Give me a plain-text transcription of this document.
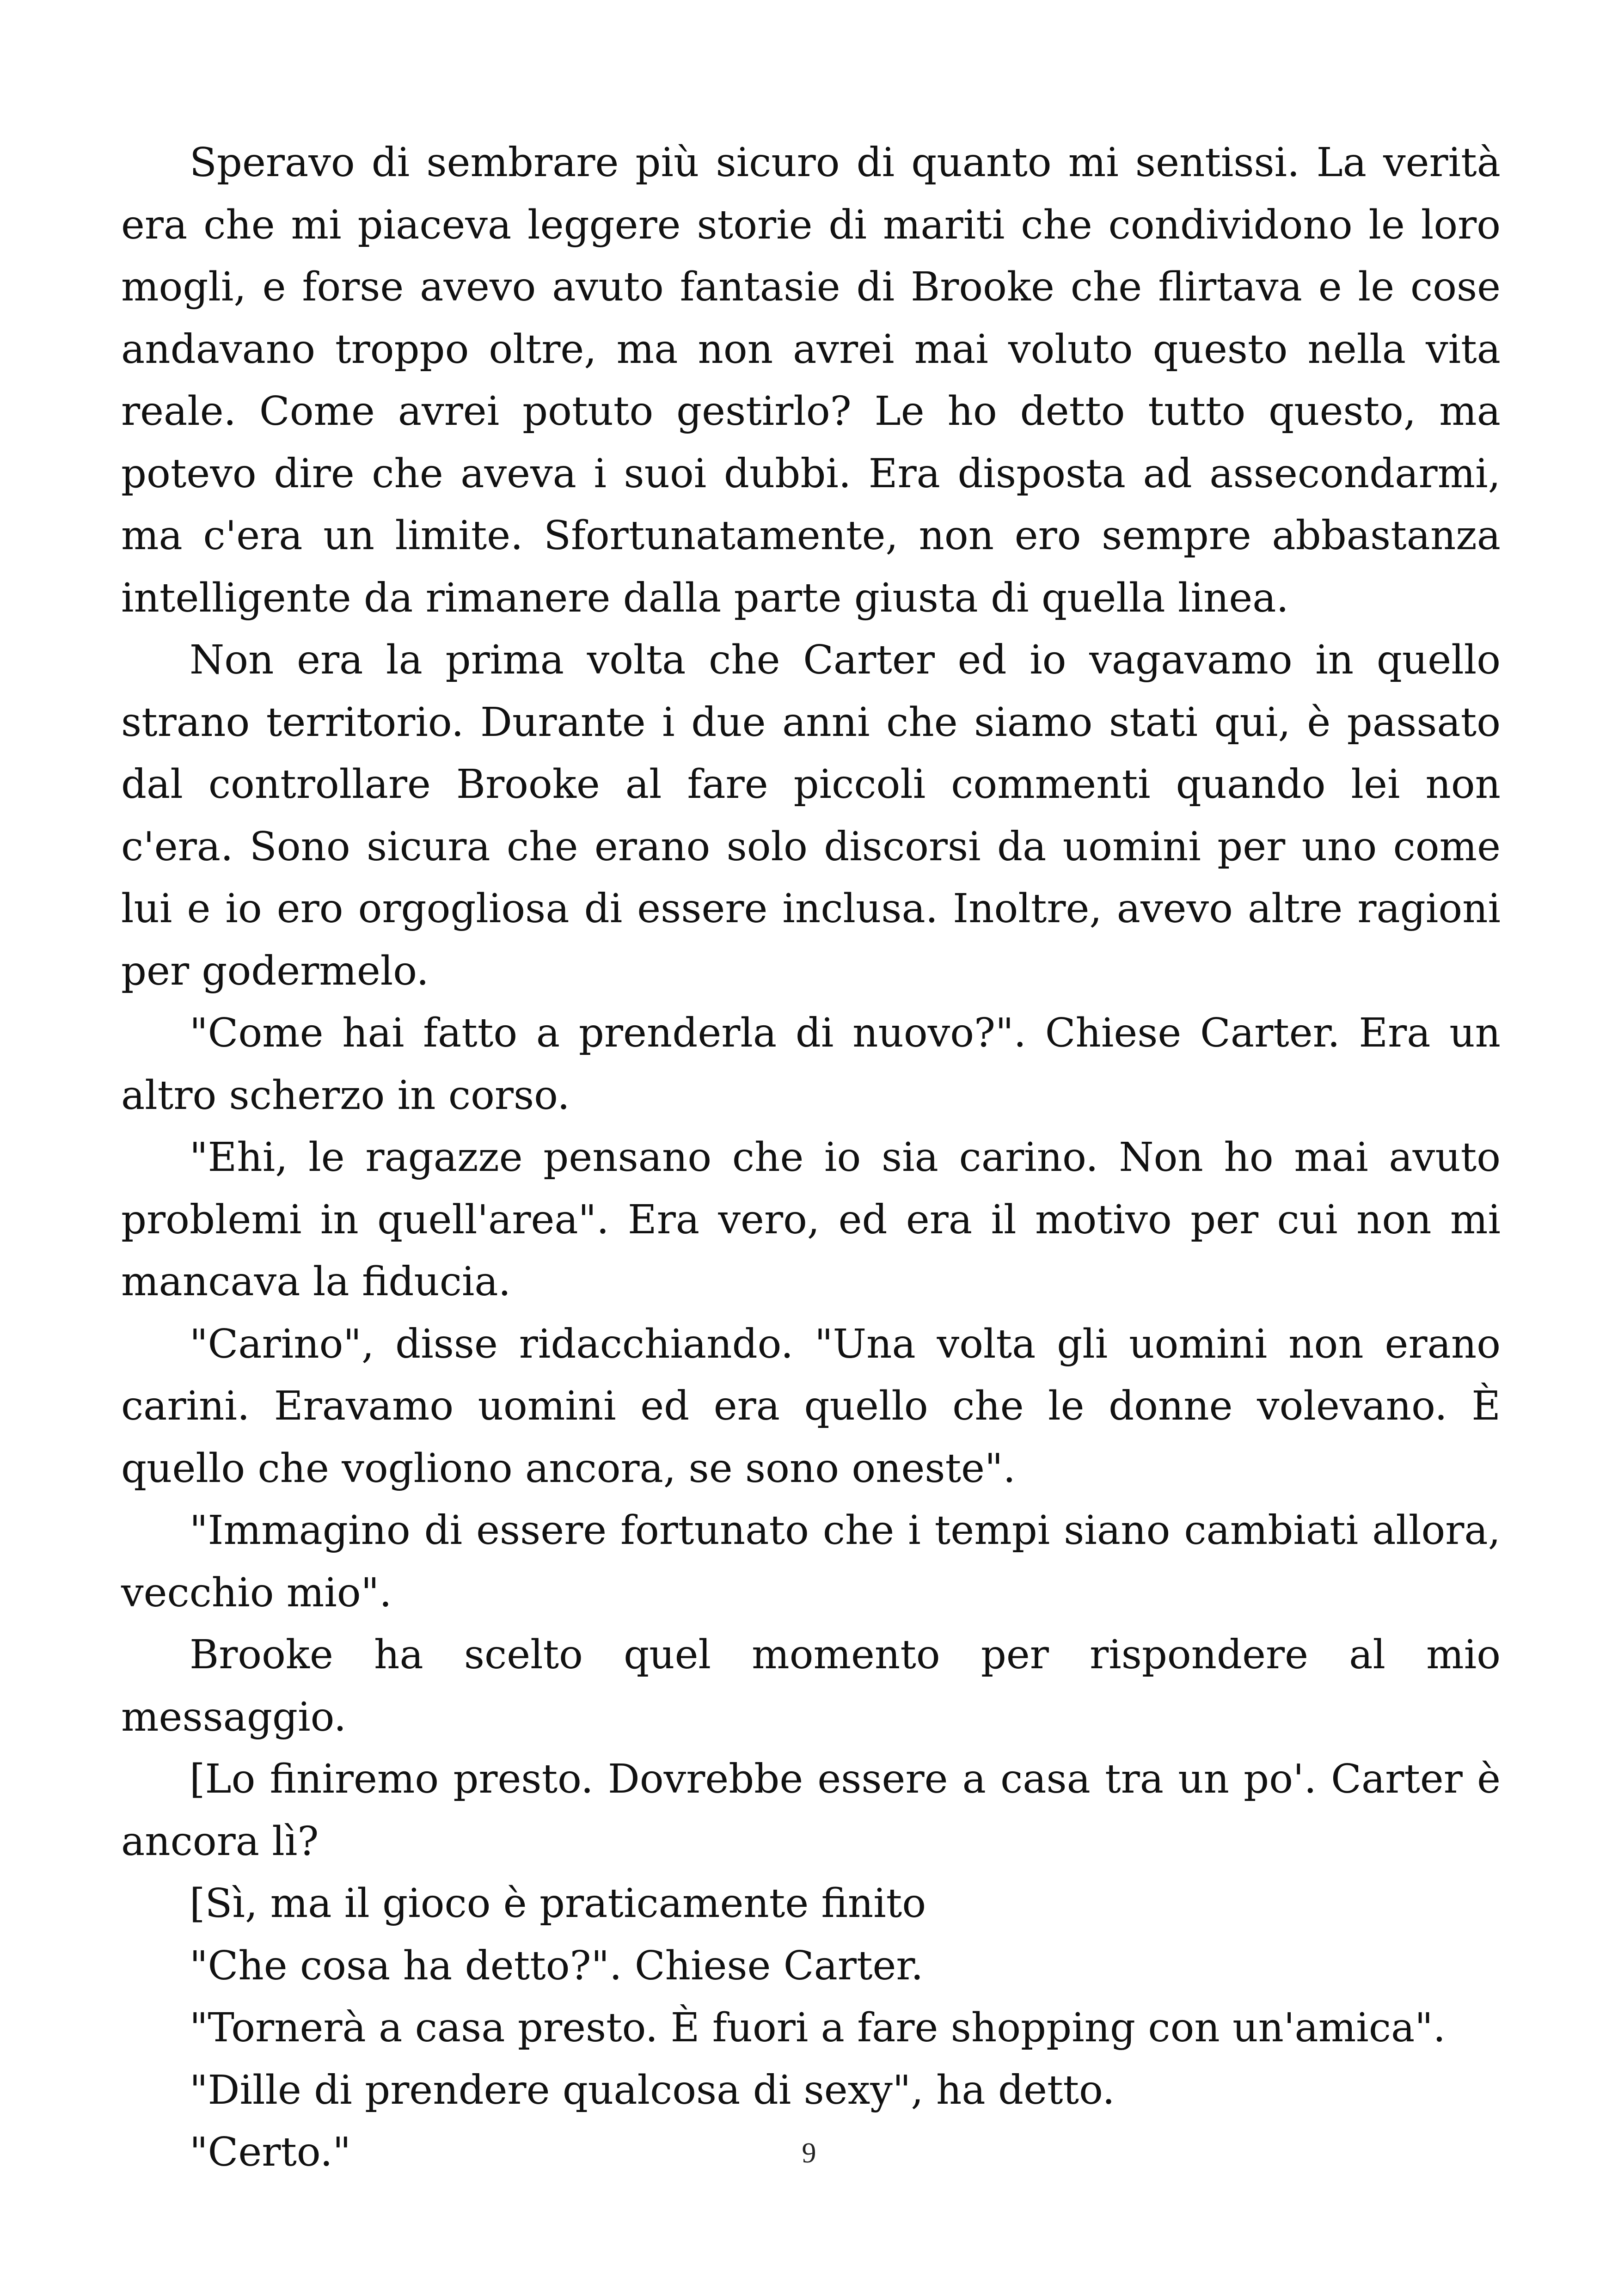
Speravo di sembrare più sicuro di quanto mi sentissi. La verità era che mi piaceva leggere storie di mariti che condividono le loro mogli, e forse avevo avuto fantasie di Brooke che flirtava e le cose andavano troppo oltre, ma non avrei mai voluto questo nella vita reale. Come avrei potuto gestirlo? Le ho detto tutto questo, ma potevo dire che aveva i suoi dubbi. Era disposta ad assecondarmi, ma c'era un limite. Sfortunatamente, non ero sempre abbastanza intelligente da rimanere dalla parte giusta di quella linea.

Non era la prima volta che Carter ed io vagavamo in quello strano territorio. Durante i due anni che siamo stati qui, è passato dal controllare Brooke al fare piccoli commenti quando lei non c'era. Sono sicura che erano solo discorsi da uomini per uno come lui e io ero orgogliosa di essere inclusa. Inoltre, avevo altre ragioni per godermelo.

"Come hai fatto a prenderla di nuovo?". Chiese Carter. Era un altro scherzo in corso.

"Ehi, le ragazze pensano che io sia carino. Non ho mai avuto problemi in quell'area". Era vero, ed era il motivo per cui non mi mancava la fiducia.

"Carino", disse ridacchiando. "Una volta gli uomini non erano carini. Eravamo uomini ed era quello che le donne volevano. È quello che vogliono ancora, se sono oneste".

"Immagino di essere fortunato che i tempi siano cambiati allora, vecchio mio".

Brooke ha scelto quel momento per rispondere al mio messaggio.

[Lo finiremo presto. Dovrebbe essere a casa tra un po'. Carter è ancora lì?

[Sì, ma il gioco è praticamente finito

"Che cosa ha detto?". Chiese Carter.

"Tornerà a casa presto. È fuori a fare shopping con un'amica".

"Dille di prendere qualcosa di sexy", ha detto.

"Certo."	9
